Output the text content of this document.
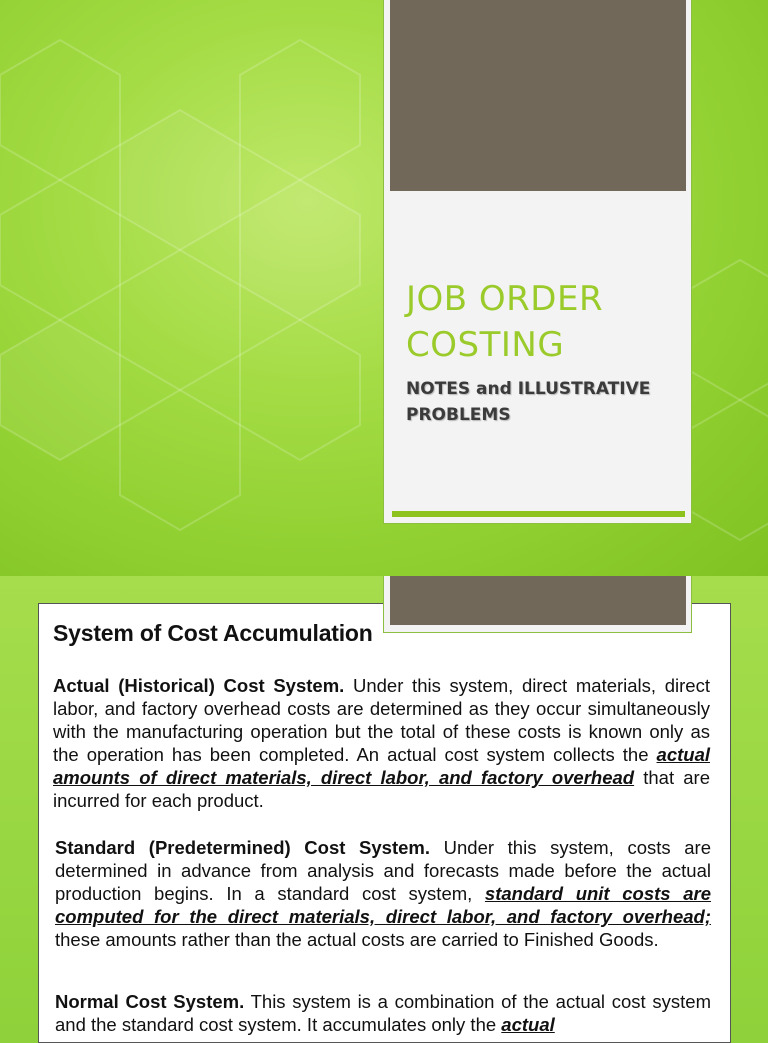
JOB ORDER
COSTING

NOTES and ILLUSTRATIVE
PROBLEMS

System of Cost Accumulation

Actual (Historical) Cost System. Under this system, direct materials, direct labor, and factory overhead costs are determined as they occur simultaneously with the manufacturing operation but the total of these costs is known only as the operation has been completed. An actual cost system collects the actual amounts of direct materials, direct labor, and factory overhead that are incurred for each product.

Standard (Predetermined) Cost System. Under this system, costs are determined in advance from analysis and forecasts made before the actual production begins. In a standard cost system, standard unit costs are computed for the direct materials, direct labor, and factory overhead; these amounts rather than the actual costs are carried to Finished Goods.

Normal Cost System. This system is a combination of the actual cost system and the standard cost system. It accumulates only the actual
